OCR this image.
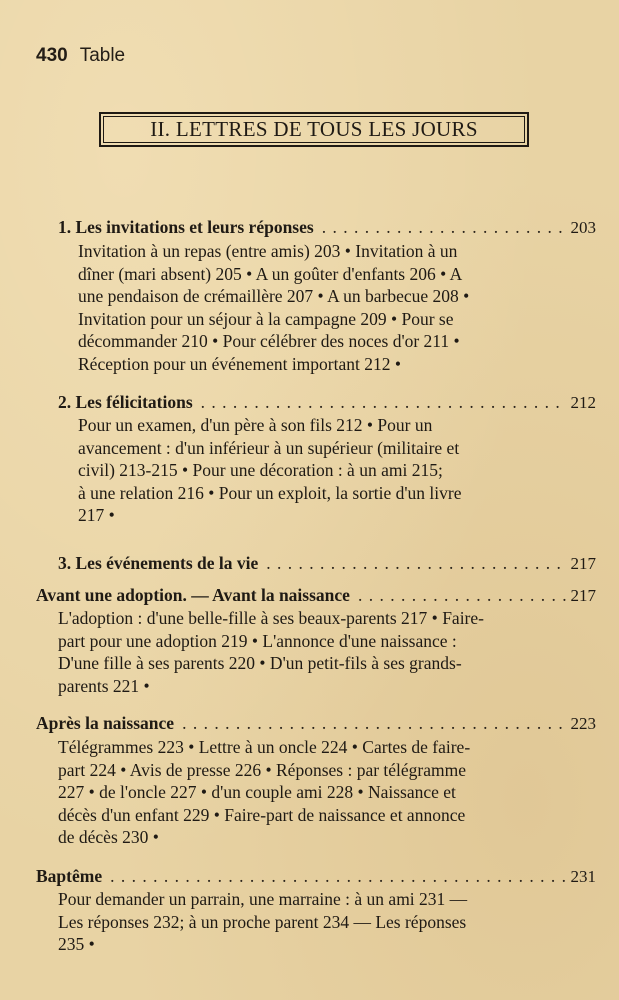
430 Table
II. LETTRES DE TOUS LES JOURS
1. Les invitations et leurs réponses . . .	203
Invitation à un repas (entre amis) 203 • Invitation à un
dîner (mari absent) 205 • A un goûter d'enfants 206 • A
une pendaison de crémaillère 207 • A un barbecue 208 •
Invitation pour un séjour à la campagne 209 • Pour se
décommander 210 • Pour célébrer des noces d'or 211 •
Réception pour un événement important 212 •
2. Les félicitations . . .	212
Pour un examen, d'un père à son fils 212 • Pour un
avancement : d'un inférieur à un supérieur (militaire et
civil) 213-215 • Pour une décoration : à un ami 215;
à une relation 216 • Pour un exploit, la sortie d'un livre
217 •
3. Les événements de la vie . . .	217
Avant une adoption. — Avant la naissance . . .	217
L'adoption : d'une belle-fille à ses beaux-parents 217 • Faire-
part pour une adoption 219 • L'annonce d'une naissance :
D'une fille à ses parents 220 • D'un petit-fils à ses grands-
parents 221 •
Après la naissance . . .	223
Télégrammes 223 • Lettre à un oncle 224 • Cartes de faire-
part 224 • Avis de presse 226 • Réponses : par télégramme
227 • de l'oncle 227 • d'un couple ami 228 • Naissance et
décès d'un enfant 229 • Faire-part de naissance et annonce
de décès 230 •
Baptême . . .	231
Pour demander un parrain, une marraine : à un ami 231 —
Les réponses 232; à un proche parent 234 — Les réponses
235 •
